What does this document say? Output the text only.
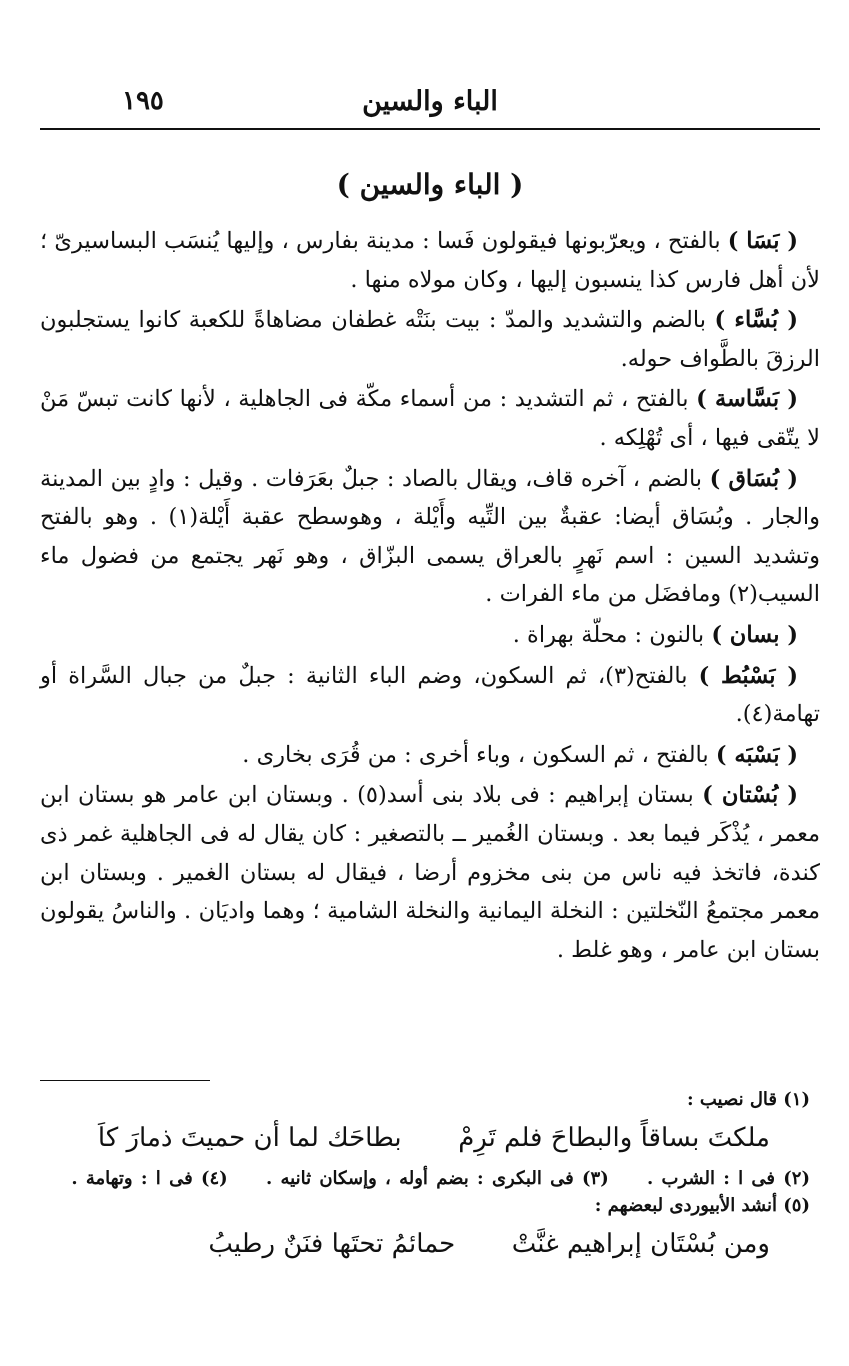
الباء والسين
١٩٥
( الباء والسين )

( بَسَا ) بالفتح ، ويعرّبونها فيقولون فَسا : مدينة بفارس ، وإليها يُنسَب البساسيرىّ ؛ لأن أهل فارس كذا ينسبون إليها ، وكان مولاه منها .

( بُسَّاء ) بالضم والتشديد والمدّ : بيت بنَتْه غطفان مضاهاةً للكعبة كانوا يستجلبون الرزقَ بالطَّواف حوله.

( بَسَّاسة ) بالفتح ، ثم التشديد : من أسماء مكّة فى الجاهلية ، لأنها كانت تبسّ مَنْ لا يتّقى فيها ، أى تُهْلِكه .

( بُسَاق ) بالضم ، آخره قاف، ويقال بالصاد : جبلٌ بعَرَفات . وقيل : وادٍ بين المدينة والجار . وبُسَاق أيضا: عقبةٌ بين التِّيه وأَيْلة ، وهوسطح عقبة أَيْلة(١) . وهو بالفتح وتشديد السين : اسم نَهرٍ بالعراق يسمى البزّاق ، وهو نَهر يجتمع من فضول ماء السيب(٢) ومافضَل من ماء الفرات .

( بسان ) بالنون : محلّة بهراة .

( بَسْبُط ) بالفتح(٣)، ثم السكون، وضم الباء الثانية : جبلٌ من جبال السَّراة أو تهامة(٤).

( بَسْبَه ) بالفتح ، ثم السكون ، وباء أخرى : من قُرَى بخارى .

( بُسْتان ) بستان إبراهيم : فى بلاد بنى أسد(٥) . وبستان ابن عامر هو بستان ابن معمر ، يُذْكَر فيما بعد . وبستان الغُمير ــ بالتصغير : كان يقال له فى الجاهلية غمر ذى كندة، فاتخذ فيه ناس من بنى مخزوم أرضا ، فيقال له بستان الغمير . وبستان ابن معمر مجتمعُ النّخلتين : النخلة اليمانية والنخلة الشامية ؛ وهما واديَان . والناسُ يقولون بستان ابن عامر ، وهو غلط .

(١) قال نصيب :

ملكتَ بساقاً والبطاحَ فلم تَرِمْ  بطاحَك لما أن حميتَ ذمارَ كاَ

(٢) فى ا : الشرب . (٣) فى البكرى : بضم أوله ، وإسكان ثانيه . (٤) فى ا : وتهامة .

(٥) أنشد الأبيوردى لبعضهم :

ومن بُسْتَان إبراهيم غنَّتْ  حمائمُ تحتَها فنَنٌ رطيبُ
